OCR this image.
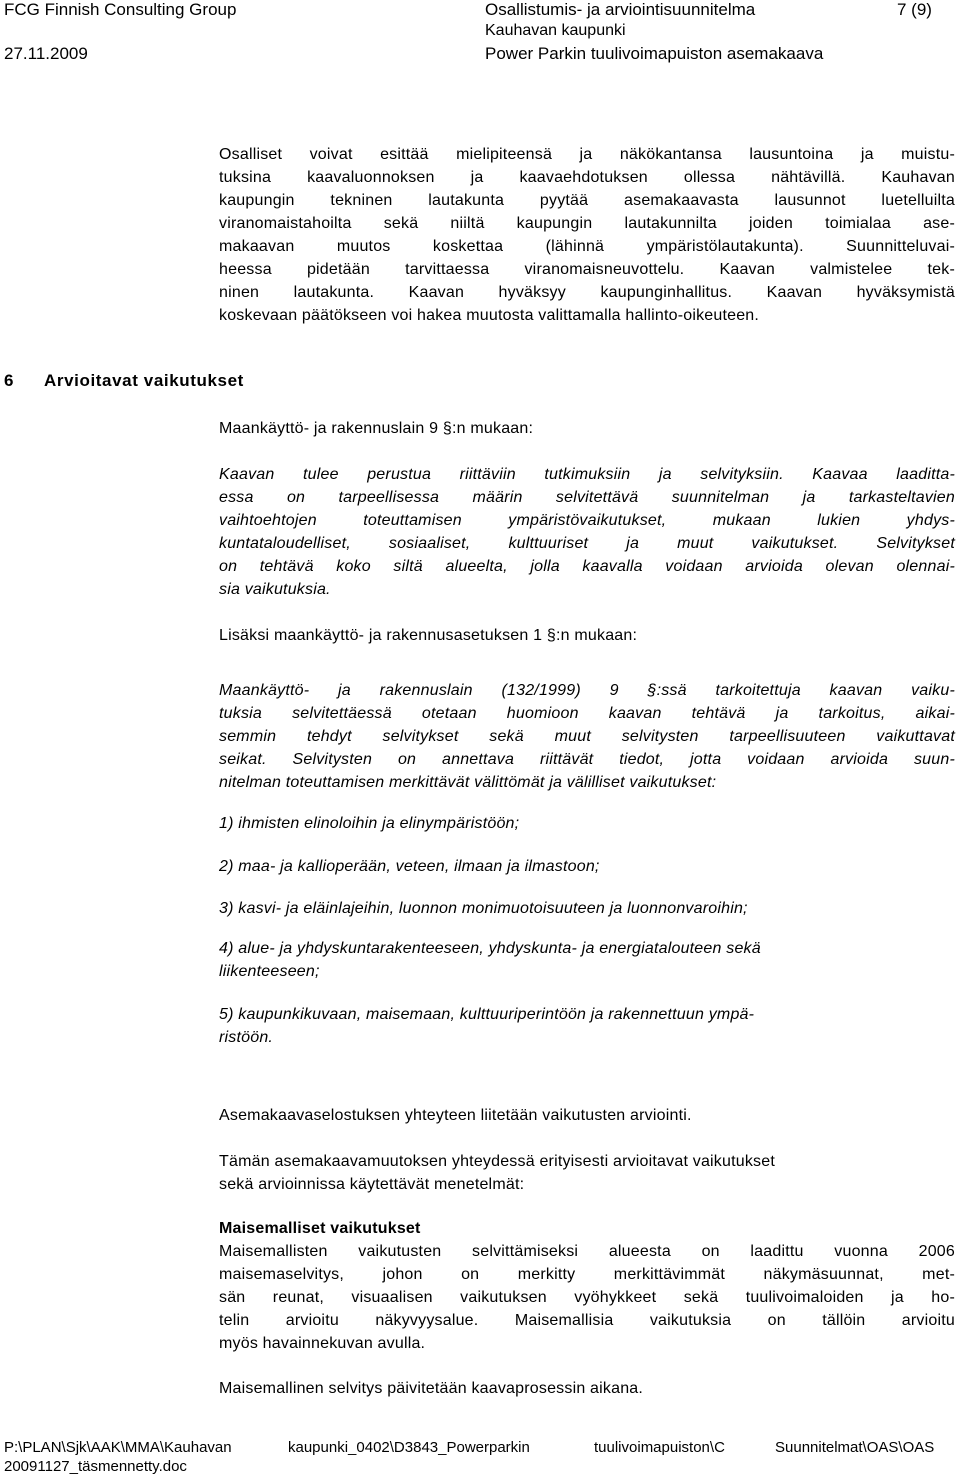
FCG Finnish Consulting Group	Osallistumis- ja arviointisuunnitelma	7 (9)
Kauhavan kaupunki
27.11.2009	Power Parkin tuulivoimapuiston asemakaava
Osalliset voivat esittää mielipiteensä ja näkökantansa lausuntoina ja muistu-
tuksina kaavaluonnoksen ja kaavaehdotuksen ollessa nähtävillä. Kauhavan
kaupungin tekninen lautakunta pyytää asemakaavasta lausunnot luetelluilta
viranomaistahoilta sekä niiltä kaupungin lautakunnilta joiden toimialaa ase-
makaavan muutos koskettaa (lähinnä ympäristölautakunta). Suunnitteluvai-
heessa pidetään tarvittaessa viranomaisneuvottelu. Kaavan valmistelee tek-
ninen lautakunta. Kaavan hyväksyy kaupunginhallitus. Kaavan hyväksymistä
koskevaan päätökseen voi hakea muutosta valittamalla hallinto-oikeuteen.
6 Arvioitavat vaikutukset
Maankäyttö- ja rakennuslain 9 §:n mukaan:
Kaavan tulee perustua riittäviin tutkimuksiin ja selvityksiin. Kaavaa laaditta-
essa on tarpeellisessa määrin selvitettävä suunnitelman ja tarkasteltavien
vaihtoehtojen toteuttamisen ympäristövaikutukset, mukaan lukien yhdys-
kuntataloudelliset, sosiaaliset, kulttuuriset ja muut vaikutukset. Selvitykset
on tehtävä koko siltä alueelta, jolla kaavalla voidaan arvioida olevan olennai-
sia vaikutuksia.
Lisäksi maankäyttö- ja rakennusasetuksen 1 §:n mukaan:
Maankäyttö- ja rakennuslain (132/1999) 9 §:ssä tarkoitettuja kaavan vaiku-
tuksia selvitettäessä otetaan huomioon kaavan tehtävä ja tarkoitus, aikai-
semmin tehdyt selvitykset sekä muut selvitysten tarpeellisuuteen vaikuttavat
seikat. Selvitysten on annettava riittävät tiedot, jotta voidaan arvioida suun-
nitelman toteuttamisen merkittävät välittömät ja välilliset vaikutukset:
1) ihmisten elinoloihin ja elinympäristöön;
2) maa- ja kallioperään, veteen, ilmaan ja ilmastoon;
3) kasvi- ja eläinlajeihin, luonnon monimuotoisuuteen ja luonnonvaroihin;
4) alue- ja yhdyskuntarakenteeseen, yhdyskunta- ja energiatalouteen sekä
liikenteeseen;
5) kaupunkikuvaan, maisemaan, kulttuuriperintöön ja rakennettuun ympä-
ristöön.
Asemakaavaselostuksen yhteyteen liitetään vaikutusten arviointi.
Tämän asemakaavamuutoksen yhteydessä erityisesti arvioitavat vaikutukset
sekä arvioinnissa käytettävät menetelmät:
Maisemalliset vaikutukset
Maisemallisten vaikutusten selvittämiseksi alueesta on laadittu vuonna 2006
maisemaselvitys, johon on merkitty merkittävimmät näkymäsuunnat, met-
sän reunat, visuaalisen vaikutuksen vyöhykkeet sekä tuulivoimaloiden ja ho-
telin arvioitu näkyvyysalue. Maisemallisia vaikutuksia on tällöin arvioitu
myös havainnekuvan avulla.
Maisemallinen selvitys päivitetään kaavaprosessin aikana.
P:\PLAN\Sjk\AAK\MMA\Kauhavan	kaupunki_0402\D3843_Powerparkin	tuulivoimapuiston\C	Suunnitelmat\OAS\OAS
20091127_täsmennetty.doc
